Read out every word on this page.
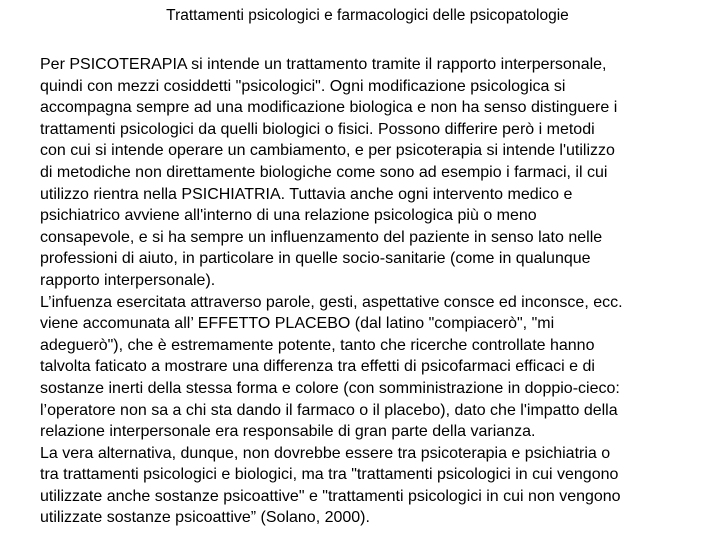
Trattamenti psicologici e farmacologici delle psicopatologie

Per PSICOTERAPIA si intende un trattamento tramite il rapporto interpersonale,
quindi con mezzi cosiddetti "psicologici". Ogni modificazione psicologica si
accompagna sempre ad una modificazione biologica e non ha senso distinguere i
trattamenti psicologici da quelli biologici o fisici. Possono differire però i metodi
con cui si intende operare un cambiamento, e per psicoterapia si intende l'utilizzo
di metodiche non direttamente biologiche come sono ad esempio i farmaci, il cui
utilizzo rientra nella PSICHIATRIA. Tuttavia anche ogni intervento medico e
psichiatrico avviene all'interno di una relazione psicologica più o meno
consapevole, e si ha sempre un influenzamento del paziente in senso lato nelle
professioni di aiuto, in particolare in quelle socio-sanitarie (come in qualunque
rapporto interpersonale).

L’infuenza esercitata attraverso parole, gesti, aspettative consce ed inconsce, ecc.
viene accomunata all’ EFFETTO PLACEBO (dal latino "compiacerò", "mi
adeguerò"), che è estremamente potente, tanto che ricerche controllate hanno
talvolta faticato a mostrare una differenza tra effetti di psicofarmaci efficaci e di
sostanze inerti della stessa forma e colore (con somministrazione in doppio-cieco:
l’operatore non sa a chi sta dando il farmaco o il placebo), dato che l'impatto della
relazione interpersonale era responsabile di gran parte della varianza.

La vera alternativa, dunque, non dovrebbe essere tra psicoterapia e psichiatria o
tra trattamenti psicologici e biologici, ma tra "trattamenti psicologici in cui vengono
utilizzate anche sostanze psicoattive" e "trattamenti psicologici in cui non vengono
utilizzate sostanze psicoattive” (Solano, 2000).
